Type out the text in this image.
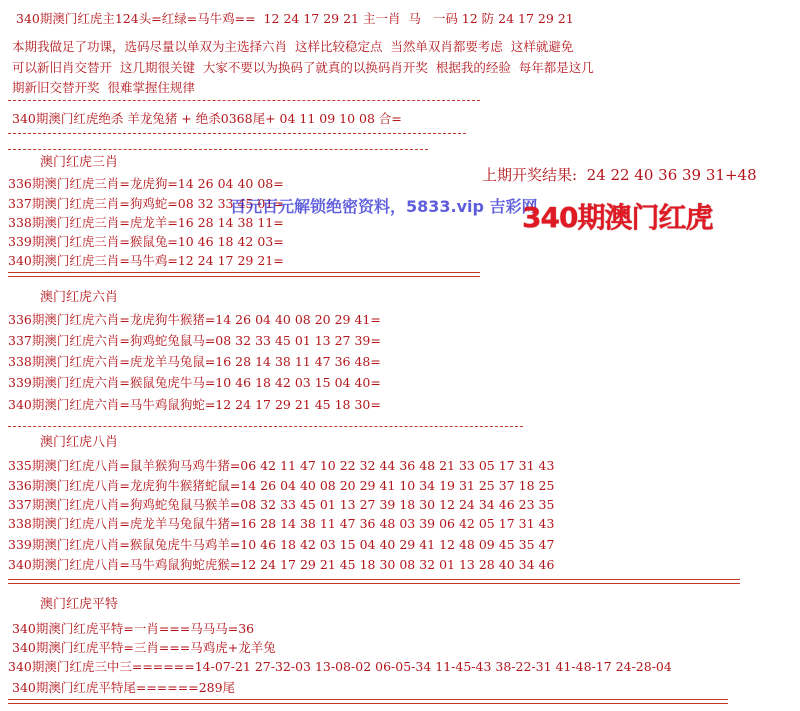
340期澳门红虎主124头=红绿=马牛鸡==  12 24 17 29 21 主一肖  马   一码 12 防 24 17 29 21
本期我做足了功课，选码尽量以单双为主选择六肖  这样比较稳定点  当然单双肖都要考虑  这样就避免
可以新旧肖交替开  这几期很关键  大家不要以为换码了就真的以换码肖开奖  根据我的经验  每年都是这几
期新旧交替开奖  很难掌握住规律
340期澳门红虎绝杀 羊龙兔猪 + 绝杀0368尾+ 04 11 09 10 08 合=
上期开奖结果:  24 22 40 36 39 31+48
澳门红虎三肖
336期澳门红虎三肖=龙虎狗=14 26 04 40 08=
337期澳门红虎三肖=狗鸡蛇=08 32 33 45 01=
338期澳门红虎三肖=虎龙羊=16 28 14 38 11=
339期澳门红虎三肖=猴鼠兔=10 46 18 42 03=
340期澳门红虎三肖=马牛鸡=12 24 17 29 21=
百元百元解锁绝密资料，5833.vip 吉彩网
340期澳门红虎
澳门红虎六肖
336期澳门红虎六肖=龙虎狗牛猴猪=14 26 04 40 08 20 29 41=
337期澳门红虎六肖=狗鸡蛇兔鼠马=08 32 33 45 01 13 27 39=
338期澳门红虎六肖=虎龙羊马兔鼠=16 28 14 38 11 47 36 48=
339期澳门红虎六肖=猴鼠兔虎牛马=10 46 18 42 03 15 04 40=
340期澳门红虎六肖=马牛鸡鼠狗蛇=12 24 17 29 21 45 18 30=
澳门红虎八肖
335期澳门红虎八肖=鼠羊猴狗马鸡牛猪=06 42 11 47 10 22 32 44 36 48 21 33 05 17 31 43
336期澳门红虎八肖=龙虎狗牛猴猪蛇鼠=14 26 04 40 08 20 29 41 10 34 19 31 25 37 18 25
337期澳门红虎八肖=狗鸡蛇兔鼠马猴羊=08 32 33 45 01 13 27 39 18 30 12 24 34 46 23 35
338期澳门红虎八肖=虎龙羊马兔鼠牛猪=16 28 14 38 11 47 36 48 03 39 06 42 05 17 31 43
339期澳门红虎八肖=猴鼠兔虎牛马鸡羊=10 46 18 42 03 15 04 40 29 41 12 48 09 45 35 47
340期澳门红虎八肖=马牛鸡鼠狗蛇虎猴=12 24 17 29 21 45 18 30 08 32 01 13 28 40 34 46
澳门红虎平特
340期澳门红虎平特=一肖===马马马=36
340期澳门红虎平特=三肖===马鸡虎+龙羊兔
340期澳门红虎三中三======14-07-21 27-32-03 13-08-02 06-05-34 11-45-43 38-22-31 41-48-17 24-28-04
340期澳门红虎平特尾======289尾
